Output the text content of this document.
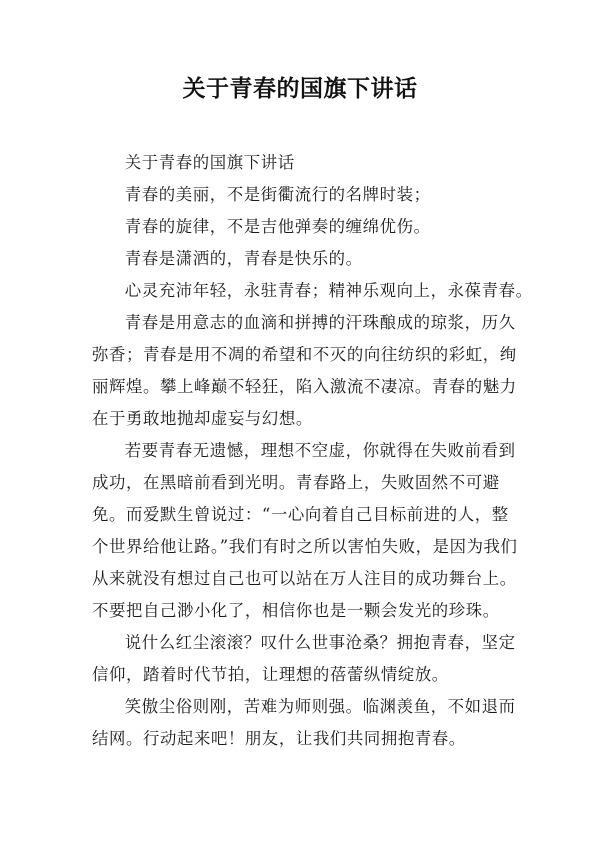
关于青春的国旗下讲话

关于青春的国旗下讲话

青春的美丽，不是街衢流行的名牌时装；

青春的旋律，不是吉他弹奏的缠绵优伤。

青春是潇洒的，青春是快乐的。

心灵充沛年轻，永驻青春；精神乐观向上，永葆青春。

青春是用意志的血滴和拼搏的汗珠酿成的琼浆，历久弥香；青春是用不凋的希望和不灭的向往纺织的彩虹，绚丽辉煌。攀上峰巅不轻狂，陷入激流不凄凉。青春的魅力在于勇敢地抛却虚妄与幻想。

若要青春无遗憾，理想不空虚，你就得在失败前看到成功，在黑暗前看到光明。青春路上，失败固然不可避免。而爱默生曾说过：“一心向着自己目标前进的人，整个世界给他让路。”我们有时之所以害怕失败，是因为我们从来就没有想过自己也可以站在万人注目的成功舞台上。不要把自己渺小化了，相信你也是一颗会发光的珍珠。

说什么红尘滚滚？叹什么世事沧桑？拥抱青春，坚定信仰，踏着时代节拍，让理想的蓓蕾纵情绽放。

笑傲尘俗则刚，苦难为师则强。临渊羡鱼，不如退而结网。行动起来吧！朋友，让我们共同拥抱青春。
